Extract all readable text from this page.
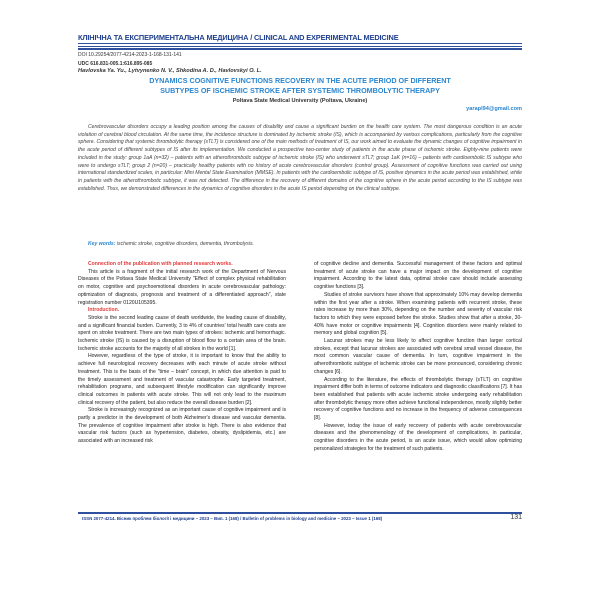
КЛІНІЧНА ТА ЕКСПЕРИМЕНТАЛЬНА МЕДИЦИНА / CLINICAL AND EXPERIMENTAL MEDICINE
DOI 10.29254/2077-4214-2023-1-168-131-141
UDC 616.831-005.1:616.895-085
Havlovska Ya. Yu., Lytvynenko N. V., Shkodina A. D., Havlovskyi O. L.
DYNAMICS COGNITIVE FUNCTIONS RECOVERY IN THE ACUTE PERIOD OF DIFFERENT
SUBTYPES OF ISCHEMIC STROKE AFTER SYSTEMIC THROMBOLYTIC THERAPY
Poltava State Medical University (Poltava, Ukraine)
yarapl94@gmail.com
Cerebrovascular disorders occupy a leading position among the causes of disability and cause a significant burden on the health care system. The most dangerous condition is an acute violation of cerebral blood circulation. At the same time, the incidence structure is dominated by ischemic stroke (IS), which is accompanied by various complications, particularly from the cognitive sphere. Considering that systemic thrombolytic therapy (sTLT) is considered one of the main methods of treatment of IS, our work aimed to evaluate the dynamic changes of cognitive impairment in the acute period of different subtypes of IS after its implementation. We conducted a prospective two-center study of patients in the acute phase of ischemic stroke. Eighty-nine patients were included in the study: group 1aA (n=32) – patients with an atherothrombotic subtype of ischemic stroke (IS) who underwent sTLT; group 1aK (n=16) – patients with cardioembolic IS subtype who were to undergo sTLT; group 2 (n=20) – practically healthy patients with no history of acute cerebrovascular disorders (control group). Assessment of cognitive functions was carried out using international standardized scales, in particular: Mini Mental State Examination (MMSE). In patients with the cardioembolic subtype of IS, positive dynamics in the acute period was established, while in patients with the atherothrombotic subtype, it was not detected. The difference in the recovery of different domains of the cognitive sphere in the acute period according to the IS subtype was established. Thus, we demonstrated differences in the dynamics of cognitive disorders in the acute IS period depending on the clinical subtype.
Key words: ischemic stroke, cognitive disorders, dementia, thrombolysis.

Connection of the publication with planned research works.

This article is a fragment of the initial research work of the Department of Nervous Diseases of the Poltava State Medical University "Effect of complex physical rehabilitation on motor, cognitive and psychoemotional disorders in acute cerebrovascular pathology: optimization of diagnosis, prognosis and treatment of a differentiated approach", state registration number 0120U105395.

Introduction.

Stroke is the second leading cause of death worldwide, the leading cause of disability, and a significant financial burden. Currently, 3 to 4% of countries' total health care costs are spent on stroke treatment. There are two main types of strokes: ischemic and hemorrhagic. Ischemic stroke (IS) is caused by a disruption of blood flow to a certain area of the brain. Ischemic stroke accounts for the majority of all strokes in the world [1].

However, regardless of the type of stroke, it is important to know that the ability to achieve full neurological recovery decreases with each minute of acute stroke without treatment. This is the basis of the "time – brain" concept, in which due attention is paid to the timely assessment and treatment of vascular catastrophe. Early targeted treatment, rehabilitation programs, and subsequent lifestyle modification can significantly improve clinical outcomes in patients with acute stroke. This will not only lead to the maximum clinical recovery of the patient, but also reduce the overall disease burden [2].

Stroke is increasingly recognized as an important cause of cognitive impairment and is partly a predictor in the development of both Alzheimer's disease and vascular dementia. The prevalence of cognitive impairment after stroke is high. There is also evidence that vascular risk factors (such as hypertension, diabetes, obesity, dyslipidemia, etc.) are associated with an increased risk

of cognitive decline and dementia. Successful management of these factors and optimal treatment of acute stroke can have a major impact on the development of cognitive impairment. According to the latest data, optimal stroke care should include assessing cognitive functions [3].

Studies of stroke survivors have shown that approximately 10% may develop dementia within the first year after a stroke. When examining patients with recurrent stroke, these rates increase by more than 30%, depending on the number and severity of vascular risk factors to which they were exposed before the stroke. Studies show that after a stroke, 30-40% have motor or cognitive impairments [4]. Cognition disorders were mainly related to memory and global cognition [5].

Lacunar strokes may be less likely to affect cognitive function than larger cortical strokes, except that lacunar strokes are associated with cerebral small vessel disease, the most common vascular cause of dementia. In turn, cognitive impairment in the atherothrombotic subtype of ischemic stroke can be more pronounced, considering chronic changes [6].

According to the literature, the effects of thrombolytic therapy (sTLT) on cognitive impairment differ both in terms of outcome indicators and diagnostic classifications [7]. It has been established that patients with acute ischemic stroke undergoing early rehabilitation after thrombolytic therapy more often achieve functional independence, mostly slightly better recovery of cognitive functions and no increase in the frequency of adverse consequences [8].

However, today the issue of early recovery of patients with acute cerebrovascular diseases and the phenomenology of the development of complications, in particular, cognitive disorders in the acute period, is an acute issue, which would allow optimizing personalized strategies for the treatment of such patients.

ISSN 2077-4214. Вісник проблем біології і медицини – 2023 – Вип. 1 (168) / Bulletin of problems in biology and medicine – 2023 – Issue 1 (168)	131
